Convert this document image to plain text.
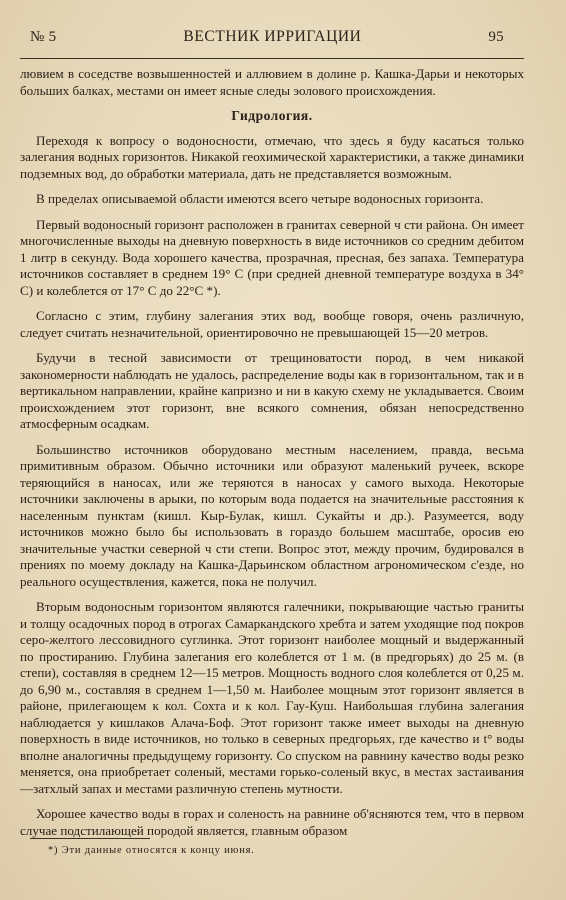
№ 5	ВЕСТНИК ИРРИГАЦИИ	95

лювием в соседстве возвышенностей и аллювием в долине р. Кашка-Дарьи и некоторых больших балках, местами он имеет ясные следы эолового происхождения.

Гидрология.

Переходя к вопросу о водоносности, отмечаю, что здесь я буду касаться только залегания водных горизонтов. Никакой геохимической характеристики, а также динамики подземных вод, до обработки материала, дать не представляется возможным.

В пределах описываемой области имеются всего четыре водоносных горизонта.

Первый водоносный горизонт расположен в гранитах северной ч сти района. Он имеет многочисленные выходы на дневную поверхность в виде источников со средним дебитом 1 литр в секунду. Вода хорошего качества, прозрачная, пресная, без запаха. Температура источников составляет в среднем 19° С (при средней дневной температуре воздуха в 34° С) и колеблется от 17° С до 22°С *).

Согласно с этим, глубину залегания этих вод, вообще говоря, очень различную, следует считать незначительной, ориентировочно не превышающей 15—20 метров.

Будучи в тесной зависимости от трещиноватости пород, в чем никакой закономерности наблюдать не удалось, распределение воды как в горизонтальном, так и в вертикальном направлении, крайне капризно и ни в какую схему не укладывается. Своим происхождением этот горизонт, вне всякого сомнения, обязан непосредственно атмосферным осадкам.

Большинство источников оборудовано местным населением, правда, весьма примитивным образом. Обычно источники или образуют маленький ручеек, вскоре теряющийся в наносах, или же теряются в наносах у самого выхода. Некоторые источники заключены в арыки, по которым вода подается на значительные расстояния к населенным пунктам (кишл. Кыр-Булак, кишл. Сукайты и др.). Разумеется, воду источников можно было бы использовать в гораздо большем масштабе, оросив ею значительные участки северной ч сти степи. Вопрос этот, между прочим, будировался в прениях по моему докладу на Кашка-Дарьинском областном агрономическом с'езде, но реального осуществления, кажется, пока не получил.

Вторым водоносным горизонтом являются галечники, покрывающие частью граниты и толщу осадочных пород в отрогах Самаркандского хребта и затем уходящие под покров серо-желтого лессовидного суглинка. Этот горизонт наиболее мощный и выдержанный по простиранию. Глубина залегания его колеблется от 1 м. (в предгорьях) до 25 м. (в степи), составляя в среднем 12—15 метров. Мощность водного слоя колеблется от 0,25 м. до 6,90 м., составляя в среднем 1—1,50 м. Наиболее мощным этот горизонт является в районе, прилегающем к кол. Сохта и к кол. Гау-Куш. Наибольшая глубина залегания наблюдается у кишлаков Алача-Боф. Этот горизонт также имеет выходы на дневную поверхность в виде источников, но только в северных предгорьях, где качество и t° воды вполне аналогичны предыдущему горизонту. Со спуском на равнину качество воды резко меняется, она приобретает соленый, местами горько-соленый вкус, в местах застаивания—затхлый запах и местами различную степень мутности.

Хорошее качество воды в горах и соленость на равнине об'ясняются тем, что в первом случае подстилающей породой является, главным образом

*) Эти данные относятся к концу июня.
